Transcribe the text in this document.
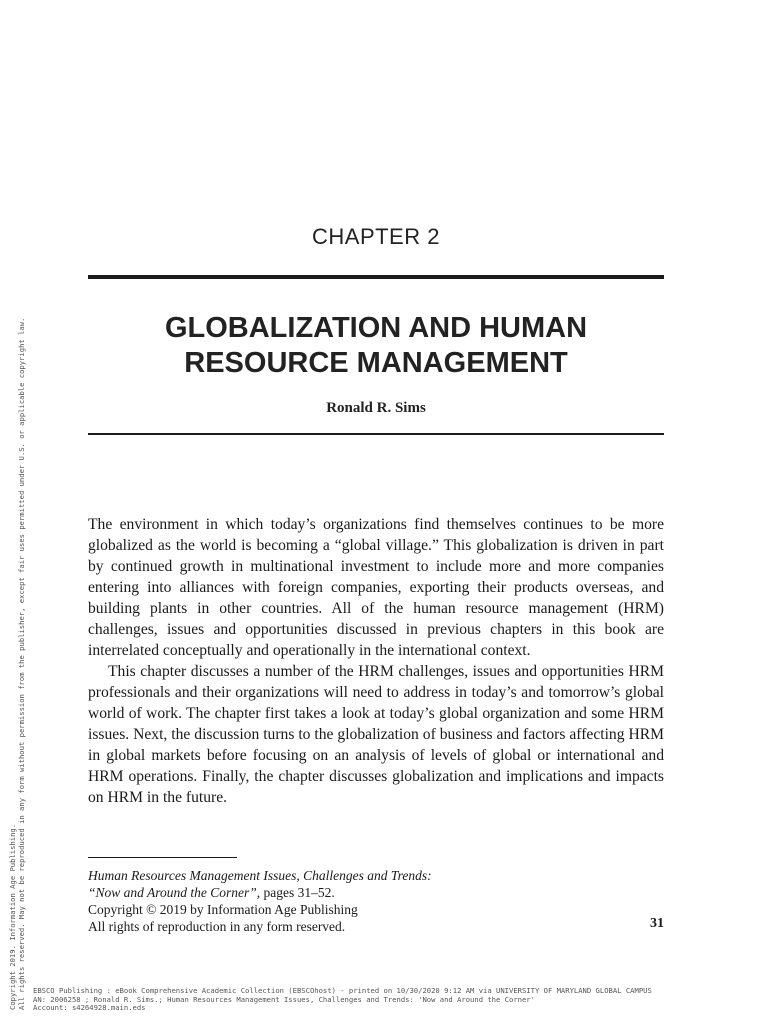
CHAPTER 2
GLOBALIZATION AND HUMAN
RESOURCE MANAGEMENT
Ronald R. Sims

The environment in which today’s organizations find themselves continues to be more globalized as the world is becoming a “global village.” This globalization is driven in part by continued growth in multinational investment to include more and more companies entering into alliances with foreign companies, exporting their products overseas, and building plants in other countries. All of the human resource management (HRM) challenges, issues and opportunities discussed in previous chapters in this book are interrelated conceptually and operationally in the international context.

This chapter discusses a number of the HRM challenges, issues and opportunities HRM professionals and their organizations will need to address in today’s and tomorrow’s global world of work. The chapter first takes a look at today’s global organization and some HRM issues. Next, the discussion turns to the globalization of business and factors affecting HRM in global markets before focusing on an analysis of levels of global or international and HRM operations. Finally, the chapter discusses globalization and implications and impacts on HRM in the future.

Human Resources Management Issues, Challenges and Trends:
“Now and Around the Corner”, pages 31–52.
Copyright © 2019 by Information Age Publishing
All rights of reproduction in any form reserved.	31
Copyright 2019. Information Age Publishing. All rights reserved. May not be reproduced in any form without permission from the publisher, except fair uses permitted under U.S. or applicable copyright law. EBSCO Publishing : eBook Comprehensive Academic Collection (EBSCOhost) - printed on 10/30/2020 9:12 AM via UNIVERSITY OF MARYLAND GLOBAL CAMPUS
AN: 2006258 ; Ronald R. Sims.; Human Resources Management Issues, Challenges and Trends: 'Now and Around the Corner'
Account: s4264928.main.eds
